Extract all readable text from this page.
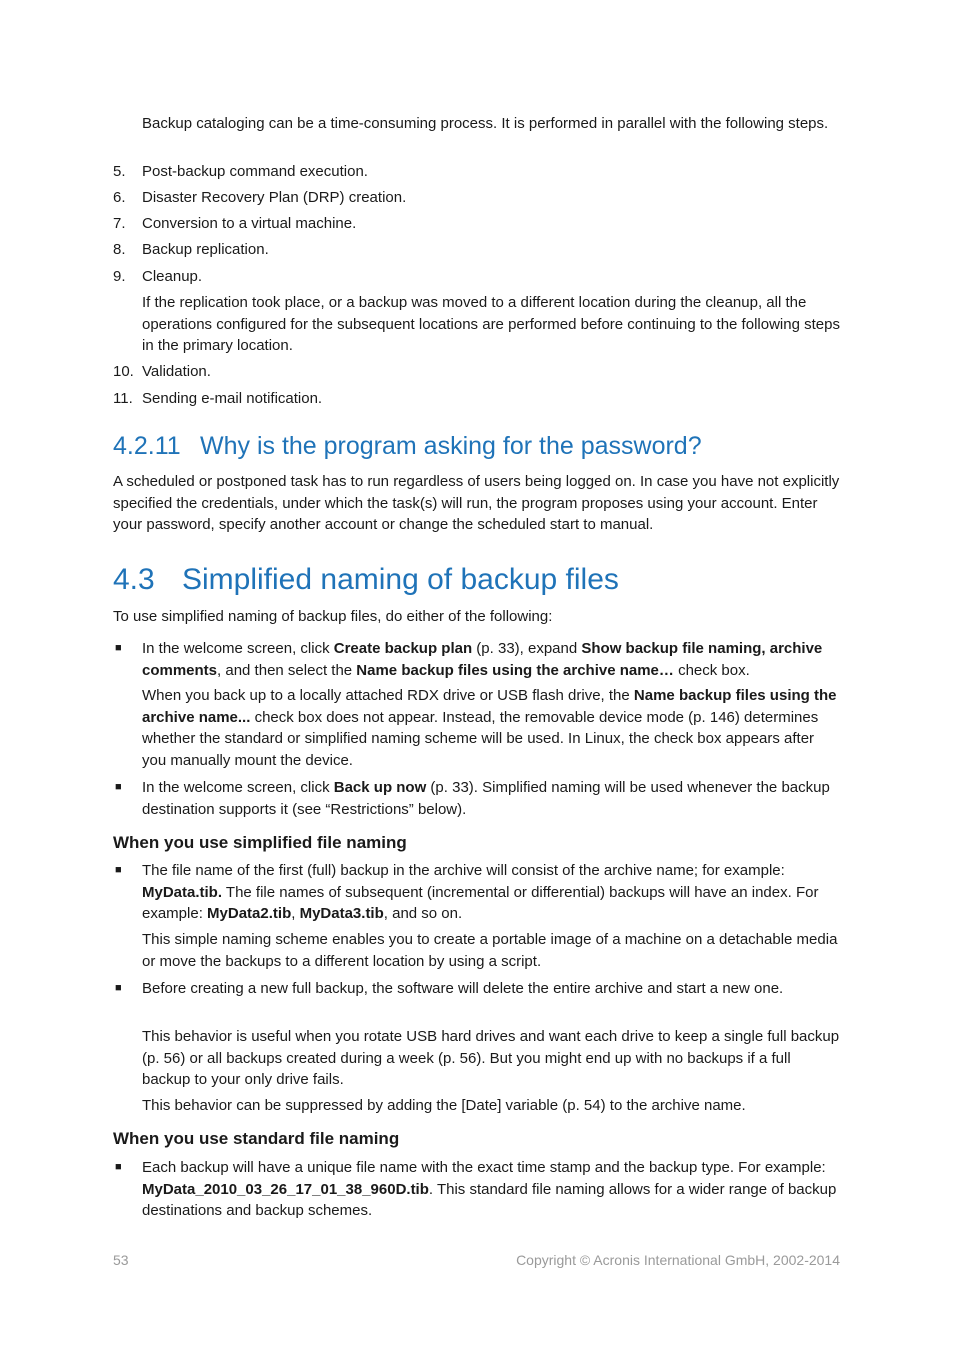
Backup cataloging can be a time-consuming process. It is performed in parallel with the following steps.
5. Post-backup command execution.
6. Disaster Recovery Plan (DRP) creation.
7. Conversion to a virtual machine.
8. Backup replication.
9. Cleanup.
If the replication took place, or a backup was moved to a different location during the cleanup, all the operations configured for the subsequent locations are performed before continuing to the following steps in the primary location.
10. Validation.
11. Sending e-mail notification.
4.2.11 Why is the program asking for the password?
A scheduled or postponed task has to run regardless of users being logged on. In case you have not explicitly specified the credentials, under which the task(s) will run, the program proposes using your account. Enter your password, specify another account or change the scheduled start to manual.
4.3 Simplified naming of backup files
To use simplified naming of backup files, do either of the following:
■ In the welcome screen, click Create backup plan (p. 33), expand Show backup file naming, archive comments, and then select the Name backup files using the archive name… check box.
When you back up to a locally attached RDX drive or USB flash drive, the Name backup files using the archive name... check box does not appear. Instead, the removable device mode (p. 146) determines whether the standard or simplified naming scheme will be used. In Linux, the check box appears after you manually mount the device.
■ In the welcome screen, click Back up now (p. 33). Simplified naming will be used whenever the backup destination supports it (see “Restrictions” below).
When you use simplified file naming
■ The file name of the first (full) backup in the archive will consist of the archive name; for example: MyData.tib. The file names of subsequent (incremental or differential) backups will have an index. For example: MyData2.tib, MyData3.tib, and so on.
This simple naming scheme enables you to create a portable image of a machine on a detachable media or move the backups to a different location by using a script.
■ Before creating a new full backup, the software will delete the entire archive and start a new one.
This behavior is useful when you rotate USB hard drives and want each drive to keep a single full backup (p. 56) or all backups created during a week (p. 56). But you might end up with no backups if a full backup to your only drive fails.
This behavior can be suppressed by adding the [Date] variable (p. 54) to the archive name.
When you use standard file naming
■ Each backup will have a unique file name with the exact time stamp and the backup type. For example: MyData_2010_03_26_17_01_38_960D.tib. This standard file naming allows for a wider range of backup destinations and backup schemes.
53	Copyright © Acronis International GmbH, 2002-2014
